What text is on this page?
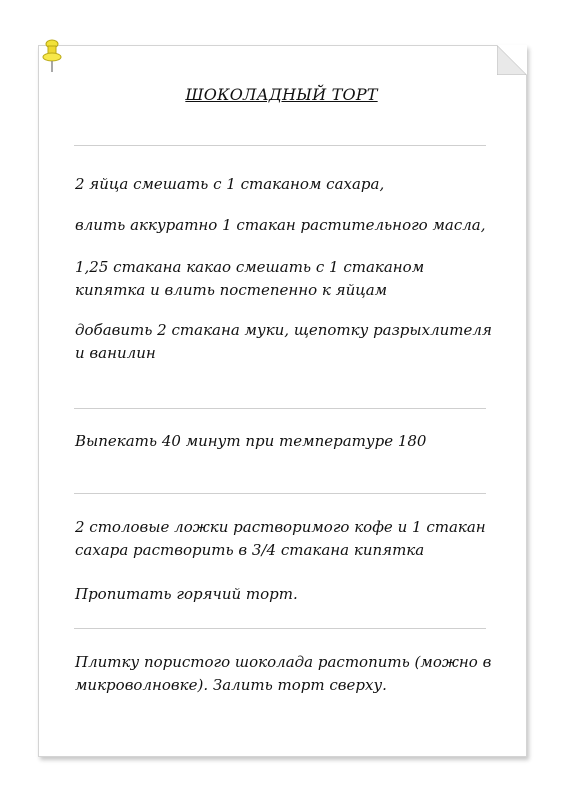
ШОКОЛАДНЫЙ ТОРТ

2 яйца смешать с 1 стаканом сахара,

влить аккуратно 1 стакан растительного масла,

1,25 стакана какао смешать с 1 стаканом кипятка и влить постепенно к яйцам

добавить 2 стакана муки, щепотку разрыхлителя и ванилин

Выпекать 40 минут при температуре 180

2 столовые ложки растворимого кофе и 1 стакан сахара растворить в 3/4 стакана кипятка

Пропитать горячий торт.

Плитку пористого шоколада растопить (можно в микроволновке). Залить торт сверху.
